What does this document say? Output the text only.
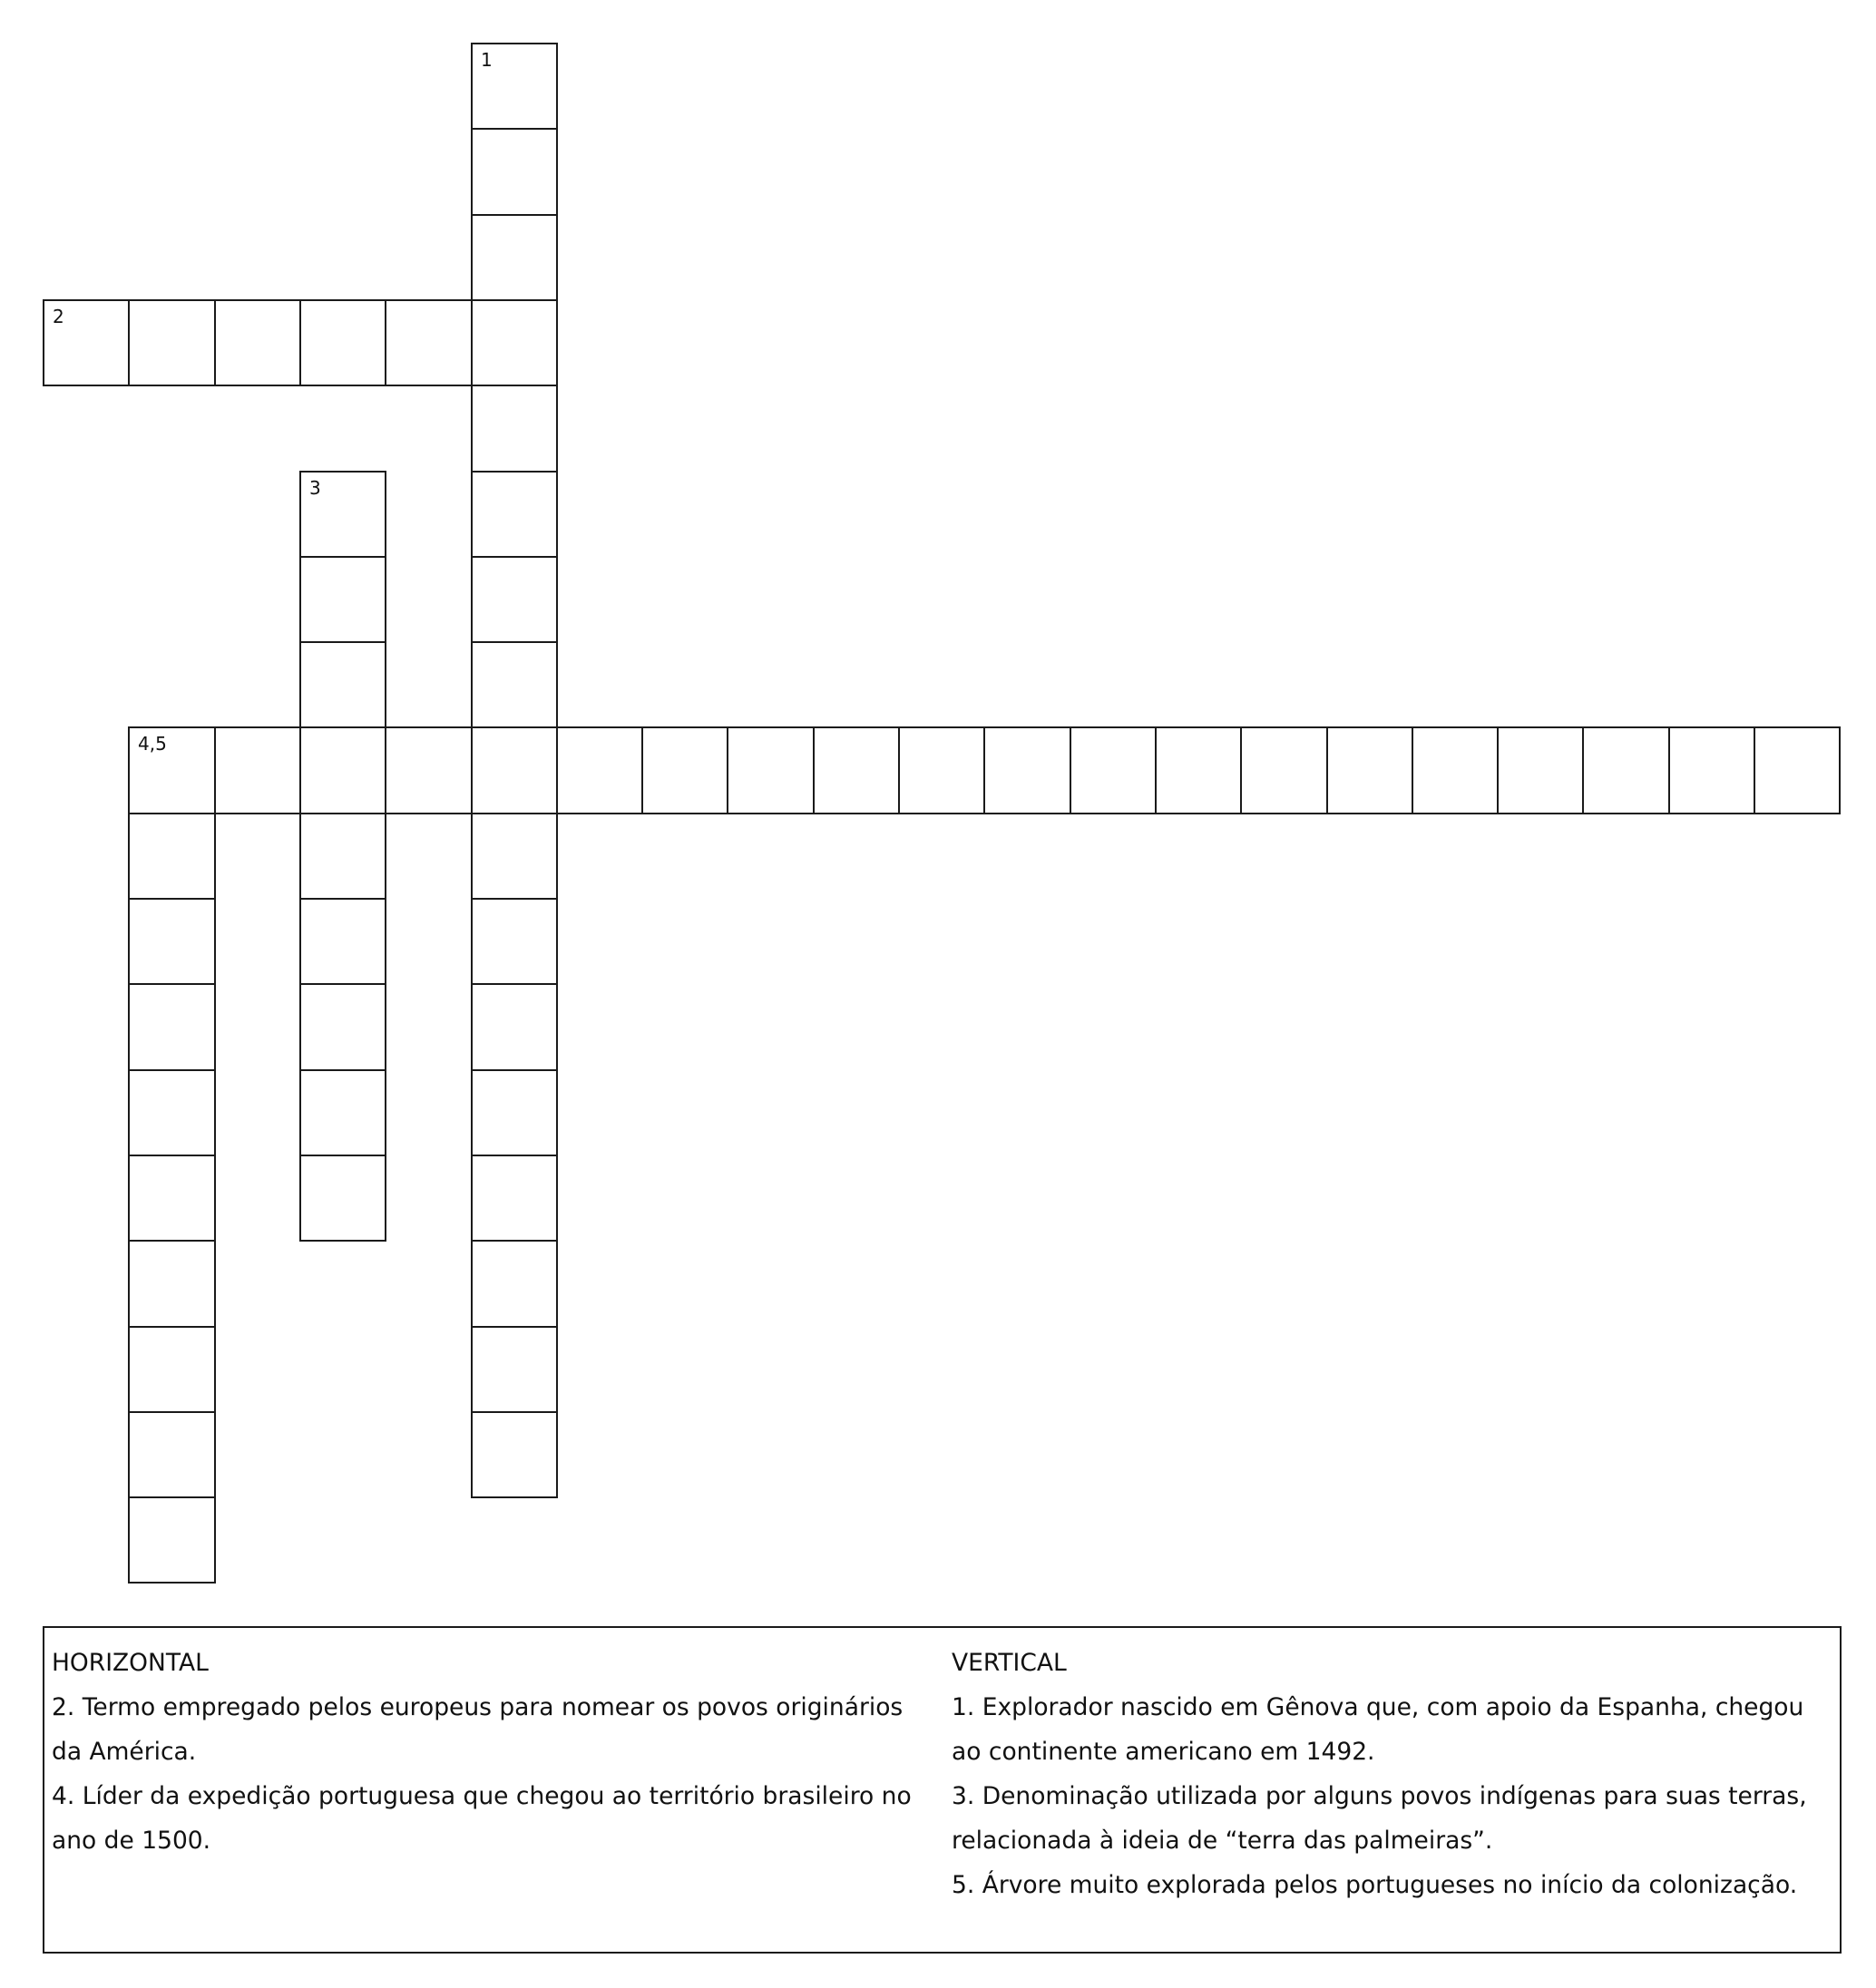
1
2
3
4,5

HORIZONTAL

2. Termo empregado pelos europeus para nomear os povos originários da América.

4. Líder da expedição portuguesa que chegou ao território brasileiro no ano de 1500.

VERTICAL

1. Explorador nascido em Gênova que, com apoio da Espanha, chegou ao continente americano em 1492.

3. Denominação utilizada por alguns povos indígenas para suas terras, relacionada à ideia de “terra das palmeiras”.

5. Árvore muito explorada pelos portugueses no início da colonização.
